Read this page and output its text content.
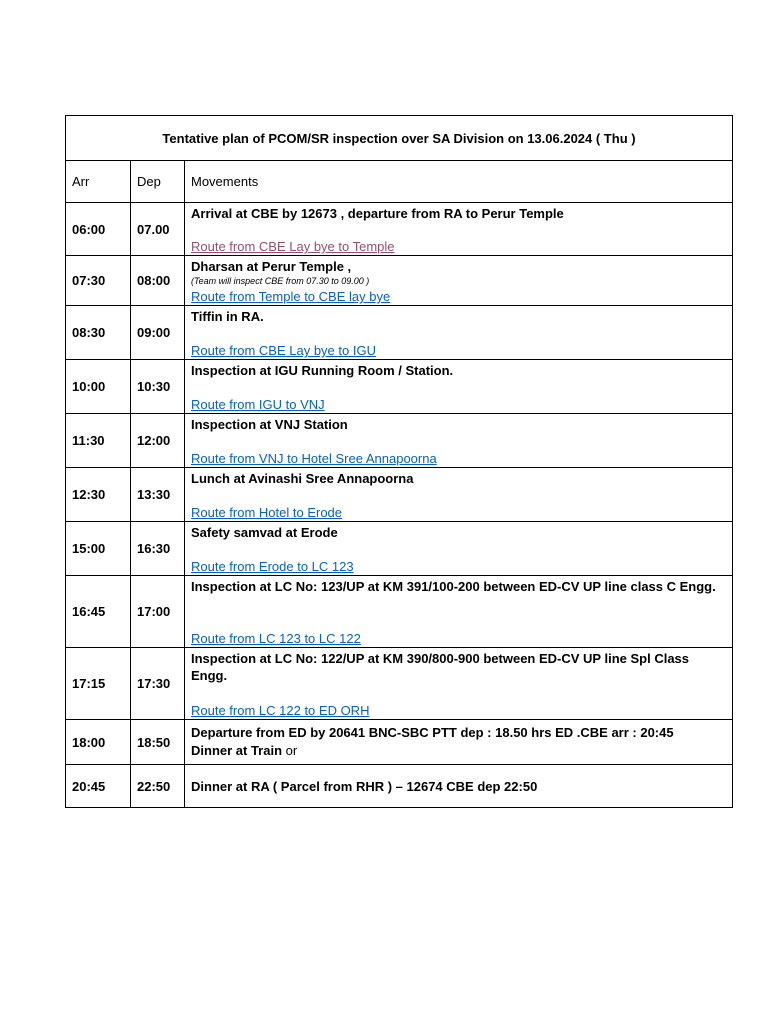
Tentative plan of PCOM/SR inspection over SA Division on 13.06.2024 ( Thu )		
Arr	Dep	Movements
06:00	07.00	Arrival at CBE by 12673 , departure from RA to Perur Temple
Route from CBE Lay bye to Temple

07:30	08:00	Dharsan at Perur Temple ,
(Team will inspect CBE from 07.30 to 09.00 )
Route from Temple to CBE lay bye

08:30	09:00	Tiffin in RA.
Route from CBE Lay bye to IGU

10:00	10:30	Inspection at IGU Running Room / Station.
Route from IGU to VNJ

11:30	12:00	Inspection at VNJ Station
Route from VNJ to Hotel Sree Annapoorna

12:30	13:30	Lunch at Avinashi Sree Annapoorna
Route from Hotel to Erode

15:00	16:30	Safety samvad at Erode
Route from Erode to LC 123

16:45	17:00	Inspection at LC No: 123/UP at KM 391/100-200 between ED-CV UP line class C Engg.
Route from LC 123 to LC 122

17:15	17:30	Inspection at LC No: 122/UP at KM 390/800-900 between ED-CV UP line Spl Class Engg.
Route from LC 122 to ED ORH

18:00	18:50	Departure from ED by 20641 BNC-SBC PTT dep : 18.50 hrs ED .CBE arr : 20:45
Dinner at Train or
20:45	22:50	Dinner at RA ( Parcel from RHR ) – 12674 CBE dep 22:50
